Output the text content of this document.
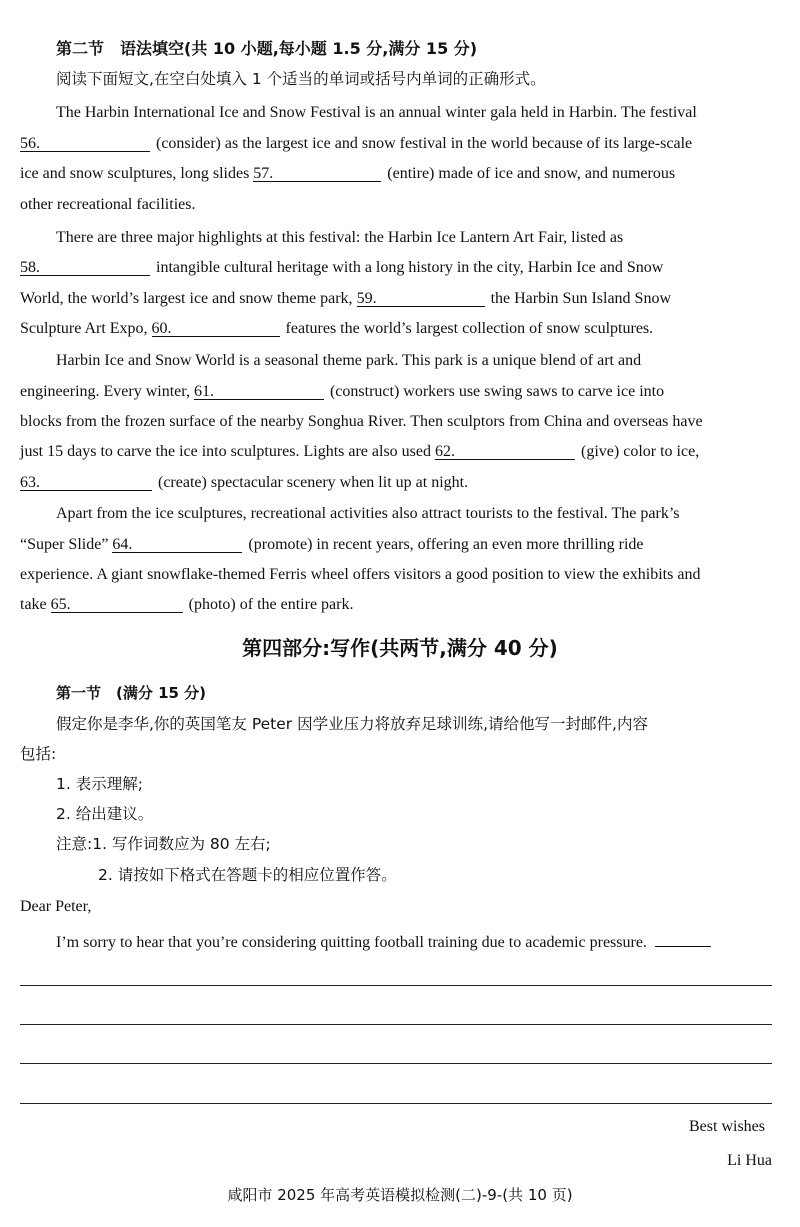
第二节　语法填空(共 10 小题,每小题 1.5 分,满分 15 分)
阅读下面短文,在空白处填入 1 个适当的单词或括号内单词的正确形式。
The Harbin International Ice and Snow Festival is an annual winter gala held in Harbin. The festival
56.	(consider) as the largest ice and snow festival in the world because of its large-scale
ice and snow sculptures, long slides 57.	(entire) made of ice and snow, and numerous
other recreational facilities.
There are three major highlights at this festival: the Harbin Ice Lantern Art Fair, listed as
58.	intangible cultural heritage with a long history in the city, Harbin Ice and Snow
World, the world’s largest ice and snow theme park, 59.	the Harbin Sun Island Snow
Sculpture Art Expo, 60.	features the world’s largest collection of snow sculptures.
Harbin Ice and Snow World is a seasonal theme park. This park is a unique blend of art and
engineering. Every winter, 61.	(construct) workers use swing saws to carve ice into
blocks from the frozen surface of the nearby Songhua River. Then sculptors from China and overseas have
just 15 days to carve the ice into sculptures. Lights are also used 62.	(give) color to ice,
63.	(create) spectacular scenery when lit up at night.
Apart from the ice sculptures, recreational activities also attract tourists to the festival. The park’s
“Super Slide” 64.	(promote) in recent years, offering an even more thrilling ride
experience. A giant snowflake-themed Ferris wheel offers visitors a good position to view the exhibits and
take 65.	(photo) of the entire park.
第四部分:写作(共两节,满分 40 分)
第一节　(满分 15 分)
假定你是李华,你的英国笔友 Peter 因学业压力将放弃足球训练,请给他写一封邮件,内容
包括:
1. 表示理解;
2. 给出建议。
注意:1. 写作词数应为 80 左右;
2. 请按如下格式在答题卡的相应位置作答。
Dear Peter,
I’m sorry to hear that you’re considering quitting football training due to academic pressure.
Best wishes
Li Hua
咸阳市 2025 年高考英语模拟检测(二)-9-(共 10 页)
